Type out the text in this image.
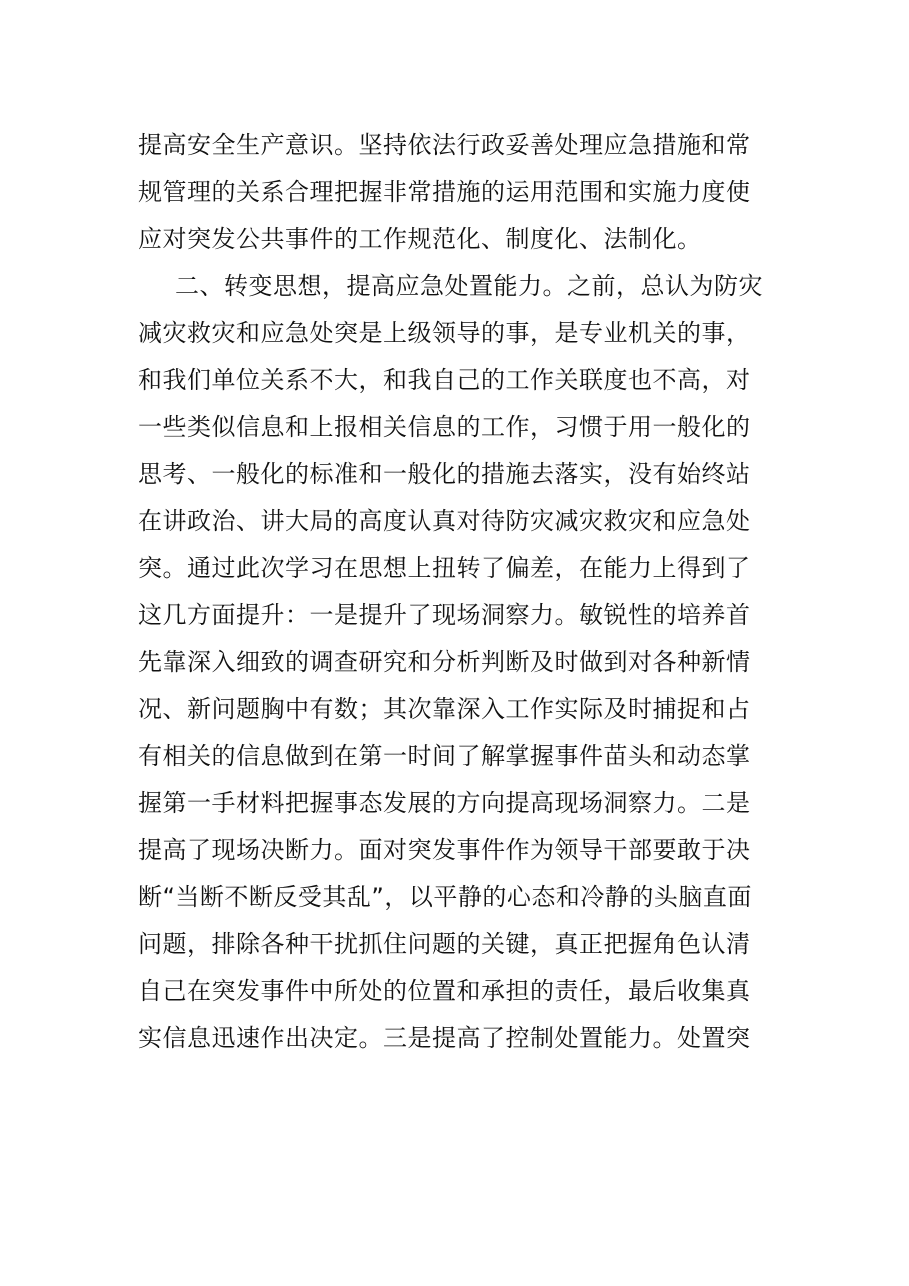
提高安全生产意识。坚持依法行政妥善处理应急措施和常
规管理的关系合理把握非常措施的运用范围和实施力度使
应对突发公共事件的工作规范化、制度化、法制化。
二、转变思想，提高应急处置能力。之前，总认为防灾
减灾救灾和应急处突是上级领导的事，是专业机关的事，
和我们单位关系不大，和我自己的工作关联度也不高，对
一些类似信息和上报相关信息的工作，习惯于用一般化的
思考、一般化的标准和一般化的措施去落实，没有始终站
在讲政治、讲大局的高度认真对待防灾减灾救灾和应急处
突。通过此次学习在思想上扭转了偏差，在能力上得到了
这几方面提升：一是提升了现场洞察力。敏锐性的培养首
先靠深入细致的调查研究和分析判断及时做到对各种新情
况、新问题胸中有数；其次靠深入工作实际及时捕捉和占
有相关的信息做到在第一时间了解掌握事件苗头和动态掌
握第一手材料把握事态发展的方向提高现场洞察力。二是
提高了现场决断力。面对突发事件作为领导干部要敢于决
断“当断不断反受其乱”，以平静的心态和冷静的头脑直面
问题，排除各种干扰抓住问题的关键，真正把握角色认清
自己在突发事件中所处的位置和承担的责任，最后收集真
实信息迅速作出决定。三是提高了控制处置能力。处置突
